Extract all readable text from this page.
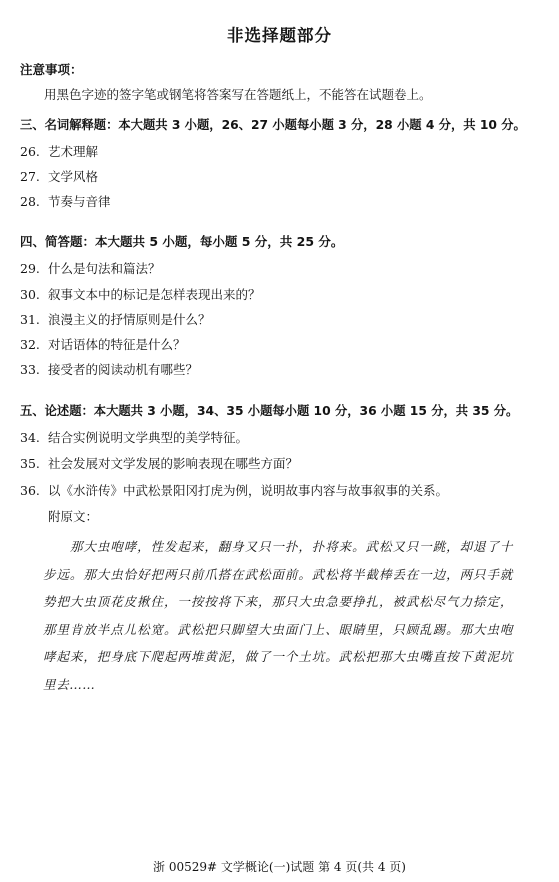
非选择题部分
注意事项：
用黑色字迹的签字笔或钢笔将答案写在答题纸上，不能答在试题卷上。
三、名词解释题：本大题共 3 小题，26、27 小题每小题 3 分，28 小题 4 分，共 10 分。
26. 艺术理解
27. 文学风格
28. 节奏与音律
四、简答题：本大题共 5 小题，每小题 5 分，共 25 分。
29. 什么是句法和篇法？
30. 叙事文本中的标记是怎样表现出来的？
31. 浪漫主义的抒情原则是什么？
32. 对话语体的特征是什么？
33. 接受者的阅读动机有哪些？
五、论述题：本大题共 3 小题，34、35 小题每小题 10 分，36 小题 15 分，共 35 分。
34. 结合实例说明文学典型的美学特征。
35. 社会发展对文学发展的影响表现在哪些方面？
36. 以《水浒传》中武松景阳冈打虎为例，说明故事内容与故事叙事的关系。
附原文：
那大虫咆哮，性发起来，翻身又只一扑，扑将来。武松又只一跳，却退了十步远。那大虫恰好把两只前爪搭在武松面前。武松将半截棒丢在一边，两只手就势把大虫顶花皮揪住，一按按将下来，那只大虫急要挣扎，被武松尽气力捺定，那里肯放半点儿松宽。武松把只脚望大虫面门上、眼睛里，只顾乱踢。那大虫咆哮起来，把身底下爬起两堆黄泥，做了一个土坑。武松把那大虫嘴直按下黄泥坑里去……
浙 00529# 文学概论(一)试题 第 4 页(共 4 页)
